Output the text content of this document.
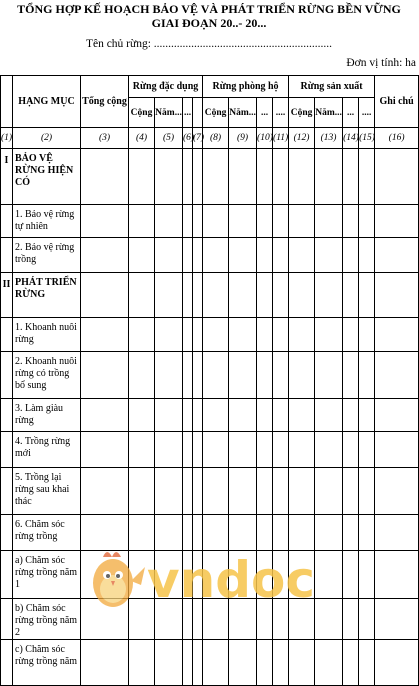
TỔNG HỢP KẾ HOẠCH BẢO VỆ VÀ PHÁT TRIỂN RỪNG BỀN VỮNG
GIAI ĐOẠN 20..- 20...
Tên chủ rừng: ..............................................................
Đơn vị tính: ha
	HẠNG MỤC	Tổng cộng	Rừng đặc dụng				Rừng phòng hộ				Rừng sản xuất				Ghi chú
			Cộng	Năm...	...		Cộng	Năm...	...	....	Cộng	Năm...	...	....	
(1)	(2)	(3)	(4)	(5)	(6)	(7)	(8)	(9)	(10)	(11)	(12)	(13)	(14)	(15)	(16)
I	BẢO VỆ RỪNG HIỆN CÓ														
	1. Bảo vệ rừng tự nhiên														
	2. Bảo vệ rừng trồng														
II	PHÁT TRIỂN RỪNG														
	1. Khoanh nuôi rừng														
	2. Khoanh nuôi rừng có trồng bổ sung														
	3. Làm giàu rừng														
	4. Trồng rừng mới														
	5. Trồng lại rừng sau khai thác														
	6. Chăm sóc rừng trồng														
	a) Chăm sóc rừng trồng năm 1														
	b) Chăm sóc rừng trồng năm 2														
	c) Chăm sóc rừng trồng năm														
vndoc
